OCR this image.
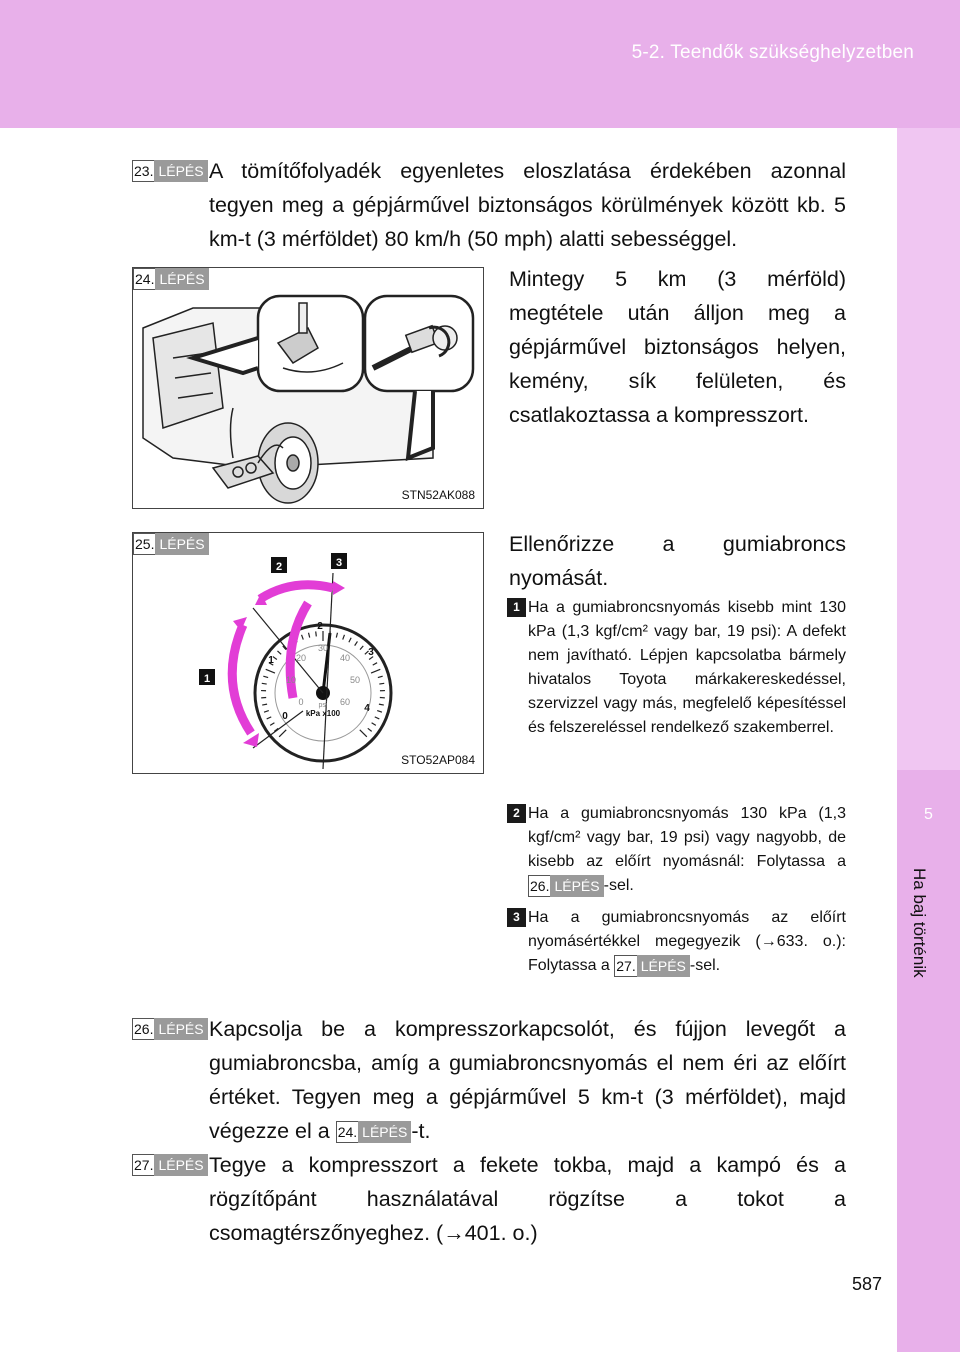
5-2. Teendők szükséghelyzetben
5
Ha baj történik
23. LÉPÉS A tömítőfolyadék egyenletes eloszlatása érdekében azonnal tegyen meg a gépjárművel biztonságos körülmények között kb. 5 km-t (3 mérföldet) 80 km/h (50 mph) alatti sebességgel.
24. LÉPÉS
STN52AK088
Mintegy 5 km (3 mérföld) megtétele után álljon meg a gépjárművel biztonságos helyen, kemény, sík felületen, és csatlakoztassa a kompresszort.
25. LÉPÉS
2	3
1
0
10
20
30
40
50
60
0
1
2
3
4
psi
kPa x100
STO52AP084
Ellenőrizze a gumiabroncs nyomását.
1 Ha a gumiabroncsnyomás kisebb mint 130 kPa (1,3 kgf/cm² vagy bar, 19 psi): A defekt nem javítható. Lépjen kapcsolatba bármely hivatalos Toyota márkakereskedéssel, szervizzel vagy más, megfelelő képesítéssel és felszereléssel rendelkező szakemberrel.
2 Ha a gumiabroncsnyomás 130 kPa (1,3 kgf/cm² vagy bar, 19 psi) vagy nagyobb, de kisebb az előírt nyomásnál: Folytassa a
26. LÉPÉS -sel.
3 Ha a gumiabroncsnyomás az előírt nyomásértékkel megegyezik (→633. o.): Folytassa a 27. LÉPÉS -sel.
26. LÉPÉS Kapcsolja be a kompresszorkapcsolót, és fújjon levegőt a gumiabroncsba, amíg a gumiabroncsnyomás el nem éri az előírt értéket. Tegyen meg a gépjárművel 5 km-t (3 mérföldet), majd végezze el a 24. LÉPÉS -t.
27. LÉPÉS Tegye a kompresszort a fekete tokba, majd a kampó és a rögzítőpánt használatával rögzítse a tokot a csomagtérszőnyeghez. (→401. o.)
587
